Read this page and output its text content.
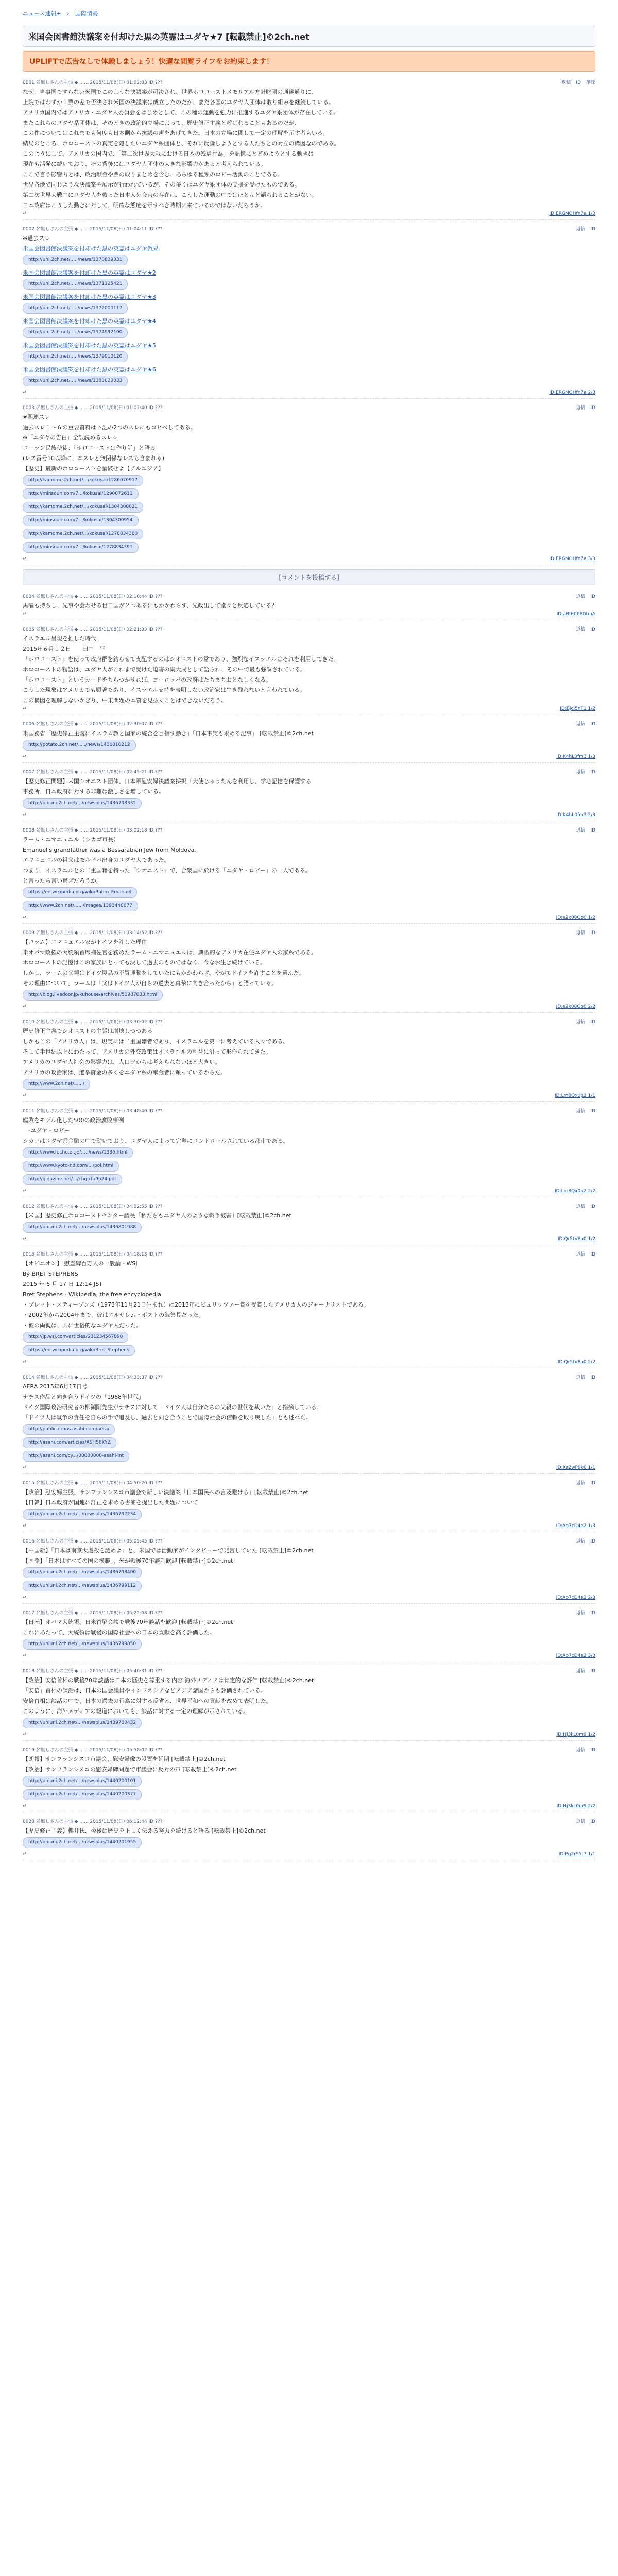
ニュース速報+ › 国際情勢
米国会図書館決議案を付却けた黒の英霊はユダヤ★7 [転載禁止]©2ch.net
UPLIFTで広告なしで体験しましょう！快適な閲覧ライフをお約束します！
0001 名無しさんの主張 ◆ ...... 2015/11/08(日) 01:02:03 ID:???	返信 ID 削除

なぜ、当事国ですらない米国でこのような決議案が可決され、世界ホロコーストメモリアル方針財団の通達通りに、

上院ではわずか１票の差で否決され米国の決議案は成立したのだが、まだ各国のユダヤ人団体は取り組みを継続している。

アメリカ国内ではアメリカ・ユダヤ人委員会をはじめとして、この種の運動を強力に推進するユダヤ系団体が存在している。

またこれらのユダヤ系団体は、そのときの政治的立場によって、歴史修正主義と呼ばれることもあるのだが、

この件についてはこれまでも何度も日本側から抗議の声をあげてきた。日本の立場に関して一定の理解を示す者もいる。

結局のところ、ホロコーストの真実を隠したいユダヤ系団体と、それに反論しようとする人たちとの対立の構図なのである。

このようにして、アメリカの国内で、「第二次世界大戦における日本の残虐行為」を記憶にとどめようとする動きは

現在も活発に続いており、その背後にはユダヤ人団体の大きな影響力があると考えられている。

ここで言う影響力とは、政治献金や票の取りまとめを含む、あらゆる種類のロビー活動のことである。

世界各地で同じような決議案や展示が行われているが、その多くはユダヤ系団体の支援を受けたものである。

第二次世界大戦中にユダヤ人を救った日本人外交官の存在は、こうした運動の中ではほとんど語られることがない。

日本政府はこうした動きに対して、明確な態度を示すべき時期に来ているのではないだろうか。

↵	ID:ERGNOHfn7a 1/3
0002 名無しさんの主張 ◆ ...... 2015/11/08(日) 01:04:11 ID:???	返信 ID

※過去スレ

米国会図書館決議案を付却けた黒の英霊はユダヤ教界
http://uni.2ch.net/...../news/1370839331
米国会図書館決議案を付却けた黒の英霊はユダヤ★2
http://uni.2ch.net/...../news/1371125421
米国会図書館決議案を付却けた黒の英霊はユダヤ★3
http://uni.2ch.net/...../news/1372000117
米国会図書館決議案を付却けた黒の英霊はユダヤ★4
http://uni.2ch.net/...../news/1374992100
米国会図書館決議案を付却けた黒の英霊はユダヤ★5
http://uni.2ch.net/...../news/1379010120
米国会図書館決議案を付却けた黒の英霊はユダヤ★6
http://uni.2ch.net/...../news/1383020033
↵	ID:ERGNOHfn7a 2/3
0003 名無しさんの主張 ◆ ...... 2015/11/08(日) 01:07:40 ID:???	返信 ID

※関連スレ

過去スレ１～６の重要資料は下記の2つのスレにもコピペしてある。

※「ユダヤの告白」全訳読めるスレ☆

コーラン民族使徒：「ホロコーストは作り話」と語る

(レス番号10以降に、本スレと無関係なレスも含まれる)

【歴史】最新のホロコーストを論破せよ【アルエジア】

http://kamome.2ch.net/.../kokusai/1286070917
http://minsoun.com/7.../kokusai/1290072611
http://kamome.2ch.net/.../kokusai/1304300021
http://minsoun.com/7.../kokusai/1304300954
http://kamome.2ch.net/.../kokusai/1278834380
http://minsoun.com/7.../kokusai/1278834391
↵	ID:ERGNOHfn7a 3/3
[コメントを投稿する]
0004 名無しさんの主張 ◆ ...... 2015/11/08(日) 02:10:44 ID:???	返信 ID

黒噛も持ちし、先事や会わせる世日国が２つあるにもかかわらず、先政出して堂々と反応している？

↵	ID:aBtE06R0tmA
0005 名無しさんの主張 ◆ ...... 2015/11/08(日) 02:21:33 ID:???	返信 ID

イスラエル呈現を推した時代

2015年６月１２日　　田中　平

「ホロコースト」を使って政府群を釣らせて支配するのはシオニストの常であり、強烈なイスラエルはそれを利用してきた。

ホロコーストの物語は、ユダヤ人がこれまで受けた迫害の集大成として語られ、その中で最も強調されている。

「ホロコースト」というカードをちらつかせれば、ヨーロッパの政府はたちまちおとなしくなる。

こうした現象はアメリカでも顕著であり、イスラエル支持を表明しない政治家は生き残れないと言われている。

この構図を理解しないかぎり、中東問題の本質を見抜くことはできないだろう。

↵	ID:Bjcl5nT1 1/2
0006 名無しさんの主張 ◆ ...... 2015/11/08(日) 02:30:07 ID:???	返信 ID

米国務省「歴史修正主義にイスラム教と国家の統合を目指す動き」「日本事実も求める記事」 [転載禁止]©2ch.net

http://potato.2ch.net/...../news/1436810212
↵	ID:K4hL0fm3 1/3
0007 名無しさんの主張 ◆ ...... 2015/11/08(日) 02:45:21 ID:???	返信 ID

【歴史修正問題】米国シオニスト団体、日本軍慰安婦決議案採択「大使じゅうたんを利用し、学心記憶を保護する

事務所、日本政府に対する非難は激しさを増している。

http://uniuni.2ch.net/.../newsplus/1436798332
↵	ID:K4hL0fm3 2/3
0008 名無しさんの主張 ◆ ...... 2015/11/08(日) 03:02:18 ID:???	返信 ID

ラーム・エマニュエル（シカゴ市長）

Emanuel's grandfather was a Bessarabian Jew from Moldova.

エマニュエルの祖父はモルドバ出身のユダヤ人であった。

つまり、イスラエルとの二重国籍を持った「シオニスト」で、合衆国に於ける「ユダヤ・ロビー」の一人である。

と言ったら言い過ぎだろうか。

https://en.wikipedia.org/wiki/Rahm_Emanuel
http://www.2ch.net/....../images/1393440077
↵	ID:e2x08Oo0 1/2
0009 名無しさんの主張 ◆ ...... 2015/11/08(日) 03:14:52 ID:???	返信 ID

【コラム】エマニュエル家がドイツを許した理由

米オバマ政権の大統領首席補佐官を務めたラーム・エマニュエルは、典型的なアメリカ在住ユダヤ人の家系である。

ホロコーストの記憶はこの家族にとっても決して過去のものではなく、今なお生き続けている。

しかし、ラームの父親はドイツ製品の不買運動をしていたにもかかわらず、やがてドイツを許すことを選んだ。

その理由について、ラームは「父はドイツ人が自らの過去と真摯に向き合ったから」と語っている。

http://blog.livedoor.jp/kuhouse/archives/51987033.html
↵	ID:e2x08Oo0 2/2
0010 名無しさんの主張 ◆ ...... 2015/11/08(日) 03:30:02 ID:???	返信 ID

歴史修正主義でシオニストの主張は崩壊しつつある

しかもこの「アメリカ人」は、現実には二重国籍者であり、イスラエルを第一に考えている人々である。

そして半世紀以上にわたって、アメリカの外交政策はイスラエルの利益に沿って形作られてきた。

アメリカのユダヤ人社会の影響力は、人口比からは考えられないほど大きい。

アメリカの政治家は、選挙資金の多くをユダヤ系の献金者に頼っているからだ。

http://www.2ch.net/....../
↵	ID:Lm8Qx0p2 1/1
0011 名無しさんの主張 ◆ ...... 2015/11/08(日) 03:48:40 ID:???	返信 ID

腐敗をモデル化した500の政治腐敗事例

　-ユダヤ・ロビー

シカゴはユダヤ系金融の中で動いており、ユダヤ人によって完璧にコントロールされている都市である。

http://www.fuchu.or.jp/...../news/1336.html
http://www.kyoto-nd.com/.../pol.html
http://gigazine.net/.../chgtrfu9b24.pdf
↵	ID:Lm8Qx0p2 2/2
0012 名無しさんの主張 ◆ ...... 2015/11/08(日) 04:02:55 ID:???	返信 ID

【米国】歴史修正ホロコーストセンター議長「私たちもユダヤ人のような戦争被害」[転載禁止]©2ch.net

http://uniuni.2ch.net/.../newsplus/1436801988
↵	ID:Qr5tV8a0 1/2
0013 名無しさんの主張 ◆ ...... 2015/11/08(日) 04:18:13 ID:???	返信 ID

【オピニオン】 慰霊碑百万人の一般論 - WSJ

By BRET STEPHENS

2015 年 6 月 17 日 12:14 JST

Bret Stephens - Wikipedia, the free encyclopedia

・ブレット・スティーブンズ（1973年11月21日生まれ）は2013年にピュリッツァー賞を受賞したアメリカ人のジャーナリストである。

・2002年から2004年まで、彼はエルサレム・ポストの編集長だった。

・彼の両親は、共に世俗的なユダヤ人だった。

http://jp.wsj.com/articles/SB1234567890
https://en.wikipedia.org/wiki/Bret_Stephens
↵	ID:Qr5tV8a0 2/2
0014 名無しさんの主張 ◆ ...... 2015/11/08(日) 04:33:37 ID:???	返信 ID

AERA 2015年6月17日号

ナチス作品と向き合うドイツの「1968年世代」

ドイツ国際政治研究者の柳瀬剛先生がナチスに対して「ドイツ人は自分たちの父親の世代を裁いた」と指摘している。

「ドイツ人は戦争の責任を自らの手で追及し、過去と向き合うことで国際社会の信頼を取り戻した」とも述べた。

http://publications.asahi.com/aera/
http://asahi.com/articles/ASH56KYZ
http://asahi.com/cy.../00000000-asahi-int
↵	ID:Xz2wP9k0 1/1
0015 名無しさんの主張 ◆ ...... 2015/11/08(日) 04:50:20 ID:???	返信 ID

【政治】慰安婦主張、サンフランシスコ市議会で新しい決議案「日本国民への言及避ける」[転載禁止]©2ch.net

【日韓】日本政府が国連に訂正を求める書簡を提出した問題について

http://uniuni.2ch.net/.../newsplus/1436792234
↵	ID:Ab7cD4e2 1/3
0016 名無しさんの主張 ◆ ...... 2015/11/08(日) 05:05:45 ID:???	返信 ID

【中国新】「日本は南京大虐殺を認めよ」と、米国では活動家がインタビューで発言していた [転載禁止]©2ch.net

【国際】「日本はすべての国の模範」、米が戦後70年談話歓迎 [転載禁止]©2ch.net

http://uniuni.2ch.net/.../newsplus/1436798400
http://uniuni.2ch.net/.../newsplus/1436799112
↵	ID:Ab7cD4e2 2/3
0017 名無しさんの主張 ◆ ...... 2015/11/08(日) 05:22:08 ID:???	返信 ID

【日米】オバマ大統領、日米首脳会談で戦後70年談話を歓迎 [転載禁止]©2ch.net

これにあたって、大統領は戦後の国際社会への日本の貢献を高く評価した。

http://uniuni.2ch.net/.../newsplus/1436799850
↵	ID:Ab7cD4e2 3/3
0018 名無しさんの主張 ◆ ...... 2015/11/08(日) 05:40:31 ID:???	返信 ID

【政治】安倍首相の戦後70年談話は日本の歴史を尊重する内容 海外メディアは肯定的な評価 [転載禁止]©2ch.net

「安倍」首相の談話は、日本の国会議員やインドネシアなどアジア諸国からも評価されている。

安倍首相は談話の中で、日本の過去の行為に対する反省と、世界平和への貢献を改めて表明した。

このように、海外メディアの報道においても、談話に対する一定の理解が示されている。

http://uniuni.2ch.net/.../newsplus/1439700432
↵	ID:Hj3kL0m9 1/2
0019 名無しさんの主張 ◆ ...... 2015/11/08(日) 05:58:02 ID:???	返信 ID

【朗報】サンフランシスコ市議会、慰安婦像の設置を延期 [転載禁止]©2ch.net

【政治】サンフランシスコの慰安婦碑問題で市議会に反対の声 [転載禁止]©2ch.net

http://uniuni.2ch.net/.../newsplus/1440200101
http://uniuni.2ch.net/.../newsplus/1440200377
↵	ID:Hj3kL0m9 2/2
0020 名無しさんの主張 ◆ ...... 2015/11/08(日) 06:12:44 ID:???	返信 ID

【歴史修正主義】櫻井氏、今後は歴史を正しく伝える努力を続けると語る [転載禁止]©2ch.net

http://uniuni.2ch.net/.../newsplus/1440201955
↵	ID:Pq2rS5t7 1/1
